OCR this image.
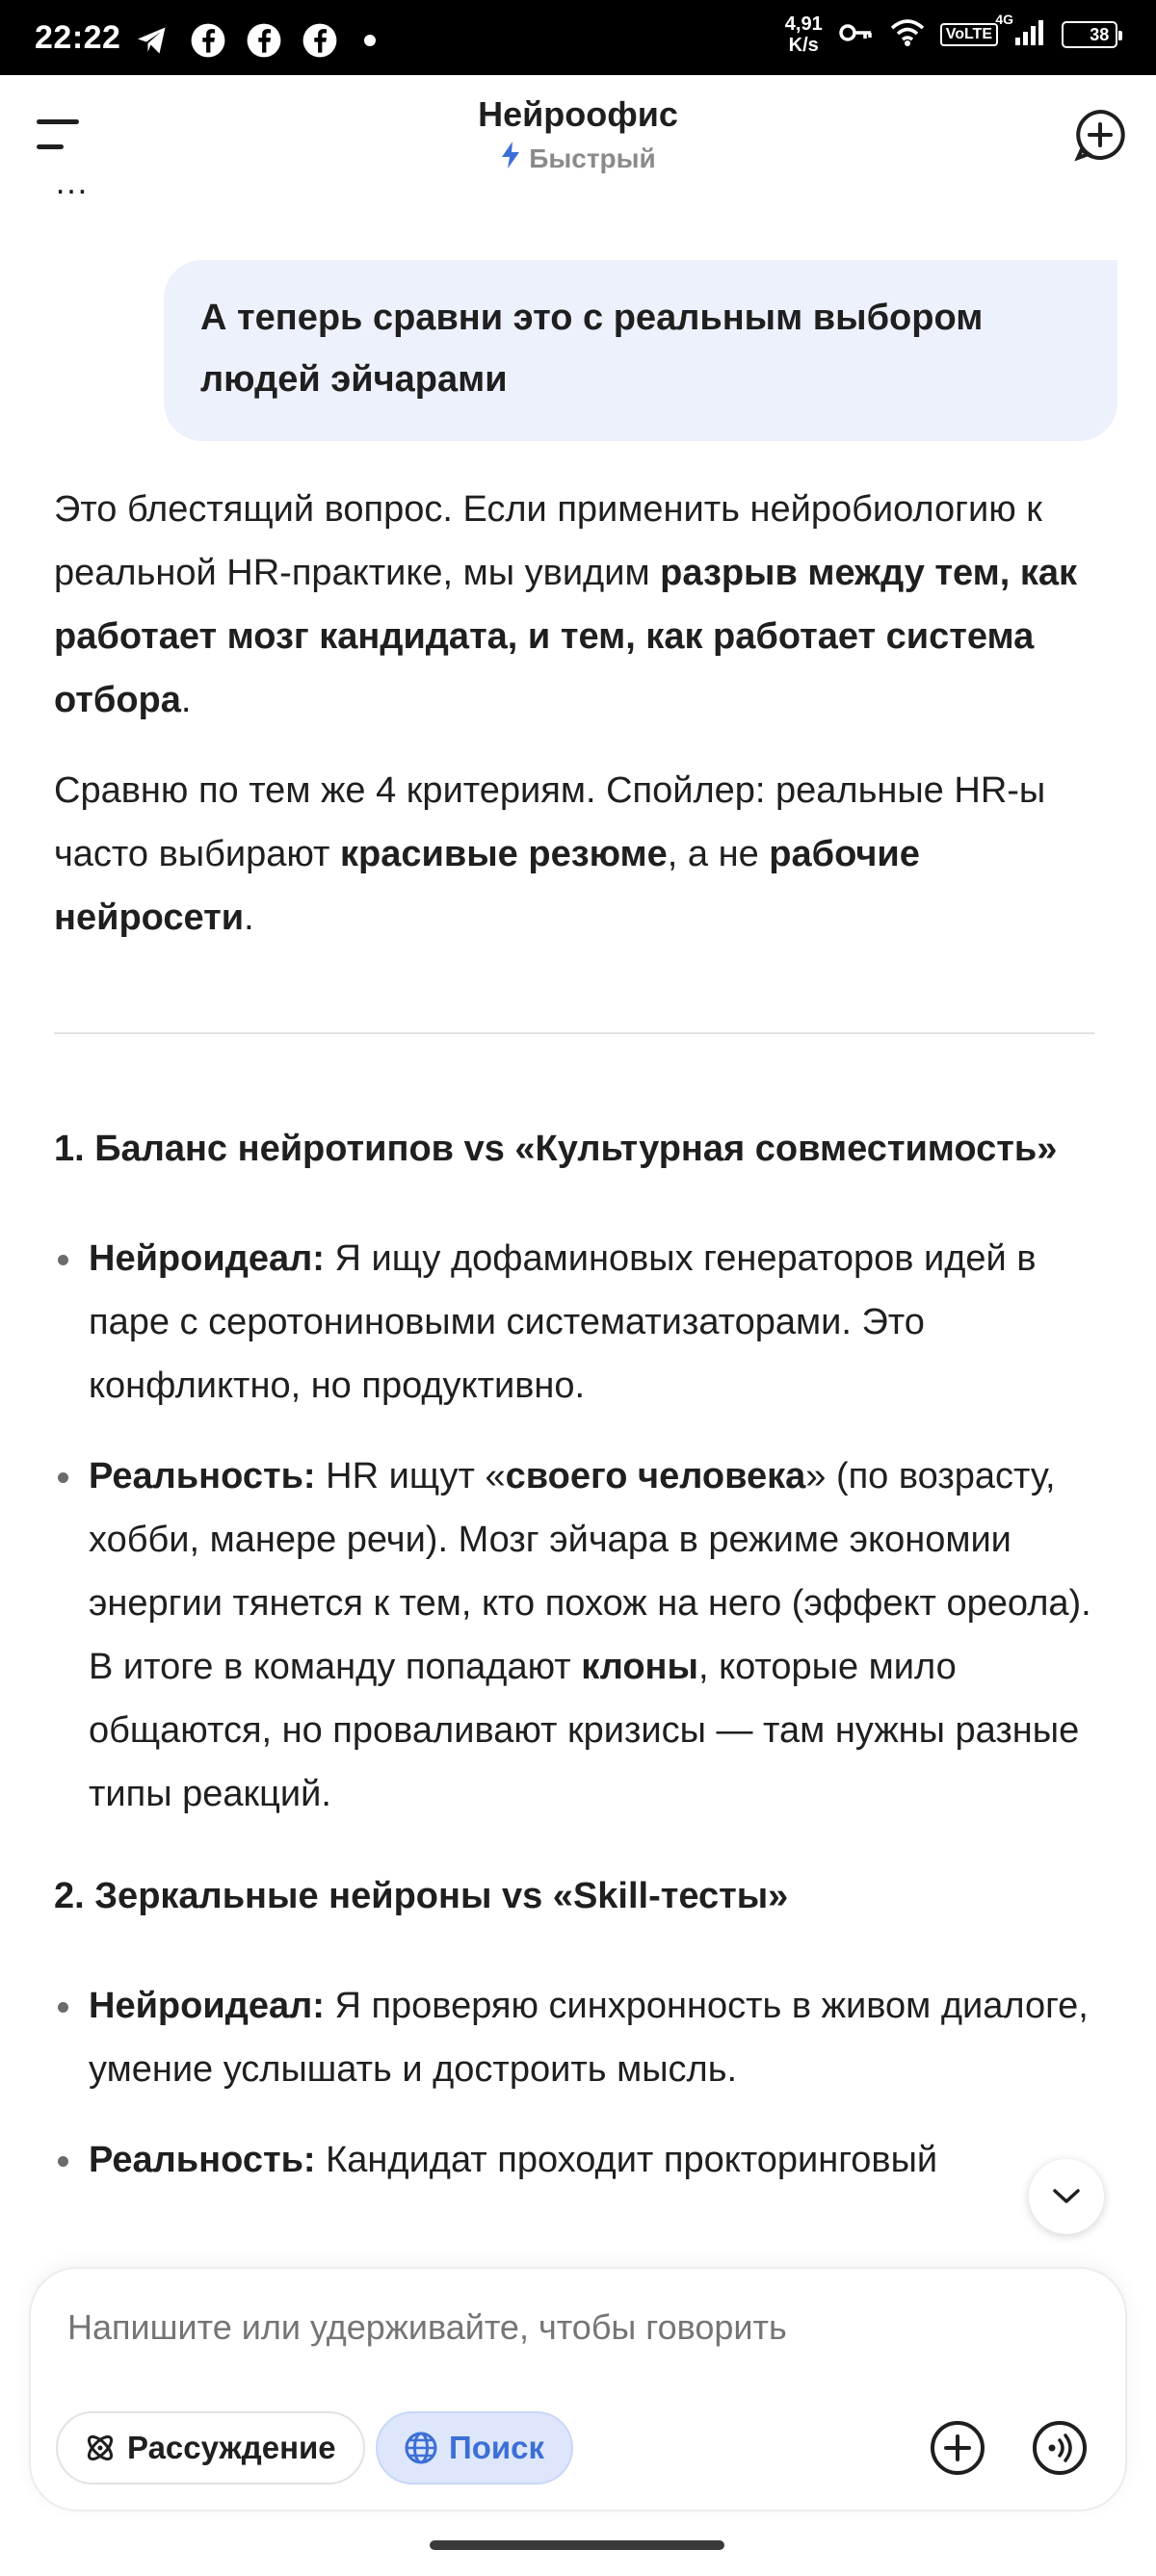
22:22	4,91
K/s
VoLTE
4G
38
Нейроофис
Быстрый
…
А теперь сравни это с реальным выбором людей эйчарами

Это блестящий вопрос. Если применить нейробиологию к реальной HR-практике, мы увидим разрыв между тем, как работает мозг кандидата, и тем, как работает система отбора.

Сравню по тем же 4 критериям. Спойлер: реальные HR-ы часто выбирают красивые резюме, а не рабочие нейросети.

1. Баланс нейротипов vs «Культурная совместимость»
Нейроидеал: Я ищу дофаминовых генераторов идей в паре с серотониновыми систематизаторами. Это конфликтно, но продуктивно.
Реальность: HR ищут «своего человека» (по возрасту, хобби, манере речи). Мозг эйчара в режиме экономии энергии тянется к тем, кто похож на него (эффект ореола). В итоге в команду попадают клоны, которые мило общаются, но проваливают кризисы — там нужны разные типы реакций.
2. Зеркальные нейроны vs «Skill-тесты»
Нейроидеал: Я проверяю синхронность в живом диалоге, умение услышать и достроить мысль.
Реальность: Кандидат проходит прокторинговый
Напишите или удерживайте, чтобы говорить
Рассуждение	Поиск
